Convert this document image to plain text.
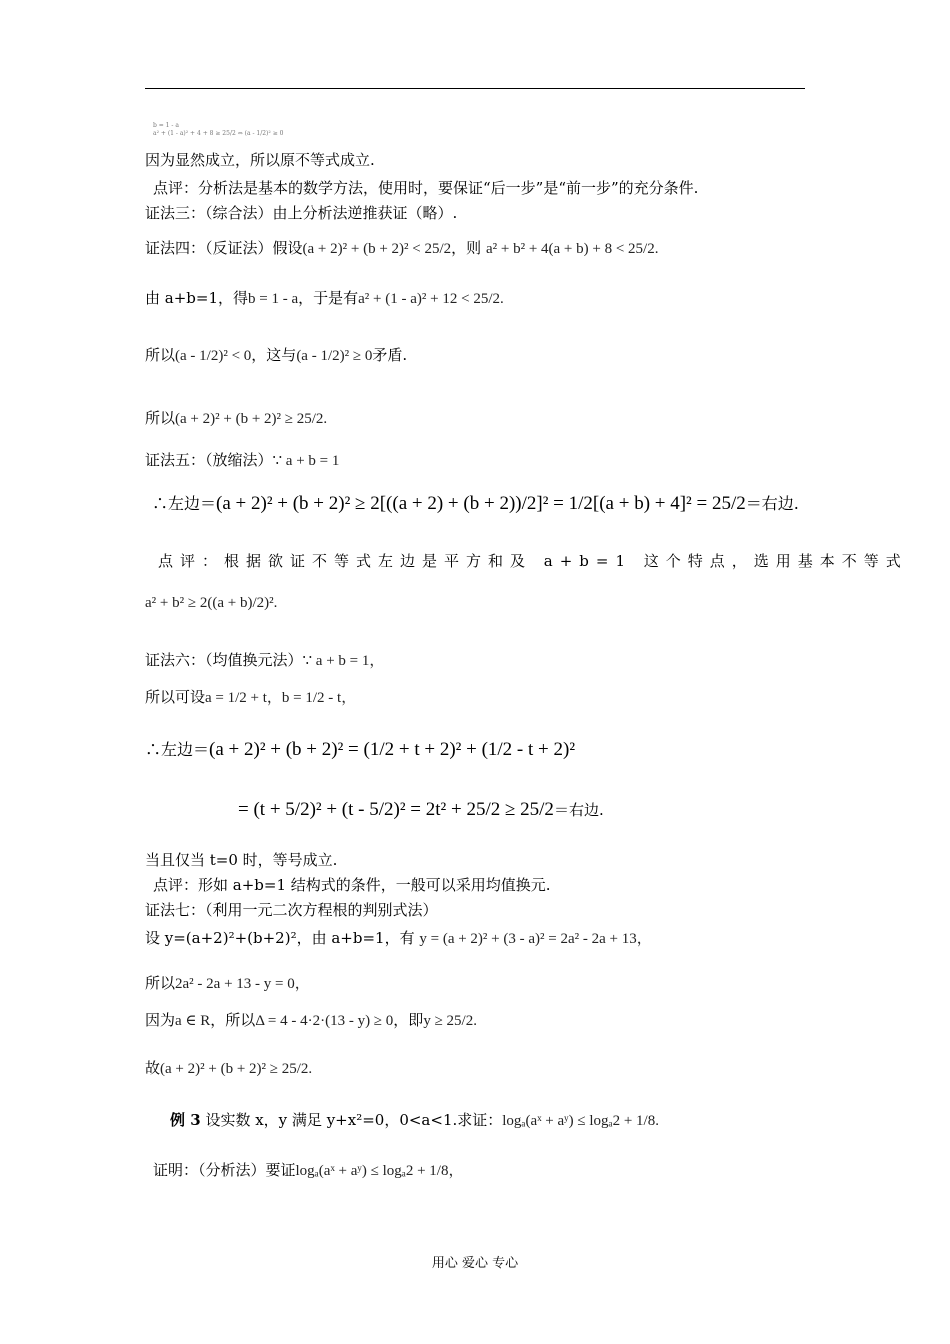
b = 1 - a
a² + (1 - a)² + 4 + 8 ≥ 25/2 ⇔ (a - 1/2)² ≥ 0
因为显然成立，所以原不等式成立.
点评：分析法是基本的数学方法，使用时，要保证“后一步”是“前一步”的充分条件.
证法三：（综合法）由上分析法逆推获证（略）.
证法四：（反证法）假设(a + 2)² + (b + 2)² < 25/2，则 a² + b² + 4(a + b) + 8 < 25/2.
由 a+b=1，得b = 1 - a，于是有a² + (1 - a)² + 12 < 25/2.
所以(a - 1/2)² < 0，这与(a - 1/2)² ≥ 0矛盾.
所以(a + 2)² + (b + 2)² ≥ 25/2.
证法五：（放缩法）∵ a + b = 1
∴左边＝(a + 2)² + (b + 2)² ≥ 2[((a + 2) + (b + 2))/2]² = 1/2[(a + b) + 4]² = 25/2＝右边.
点评：根据欲证不等式左边是平方和及 a+b=1 这个特点，选用基本不等式
a² + b² ≥ 2((a + b)/2)².
证法六：（均值换元法）∵ a + b = 1，
所以可设a = 1/2 + t，b = 1/2 - t，
∴左边＝(a + 2)² + (b + 2)² = (1/2 + t + 2)² + (1/2 - t + 2)²
= (t + 5/2)² + (t - 5/2)² = 2t² + 25/2 ≥ 25/2＝右边.
当且仅当 t=0 时，等号成立.
点评：形如 a+b=1 结构式的条件，一般可以采用均值换元.
证法七：（利用一元二次方程根的判别式法）
设 y=(a+2)²+(b+2)²，由 a+b=1，有 y = (a + 2)² + (3 - a)² = 2a² - 2a + 13，
所以2a² - 2a + 13 - y = 0，
因为a ∈ R，所以Δ = 4 - 4·2·(13 - y) ≥ 0，即y ≥ 25/2.
故(a + 2)² + (b + 2)² ≥ 25/2.
例 3 设实数 x，y 满足 y+x²=0，0<a<1.求证：logₐ(aˣ + aʸ) ≤ logₐ2 + 1/8.
证明：（分析法）要证logₐ(aˣ + aʸ) ≤ logₐ2 + 1/8，
用心 爱心 专心
